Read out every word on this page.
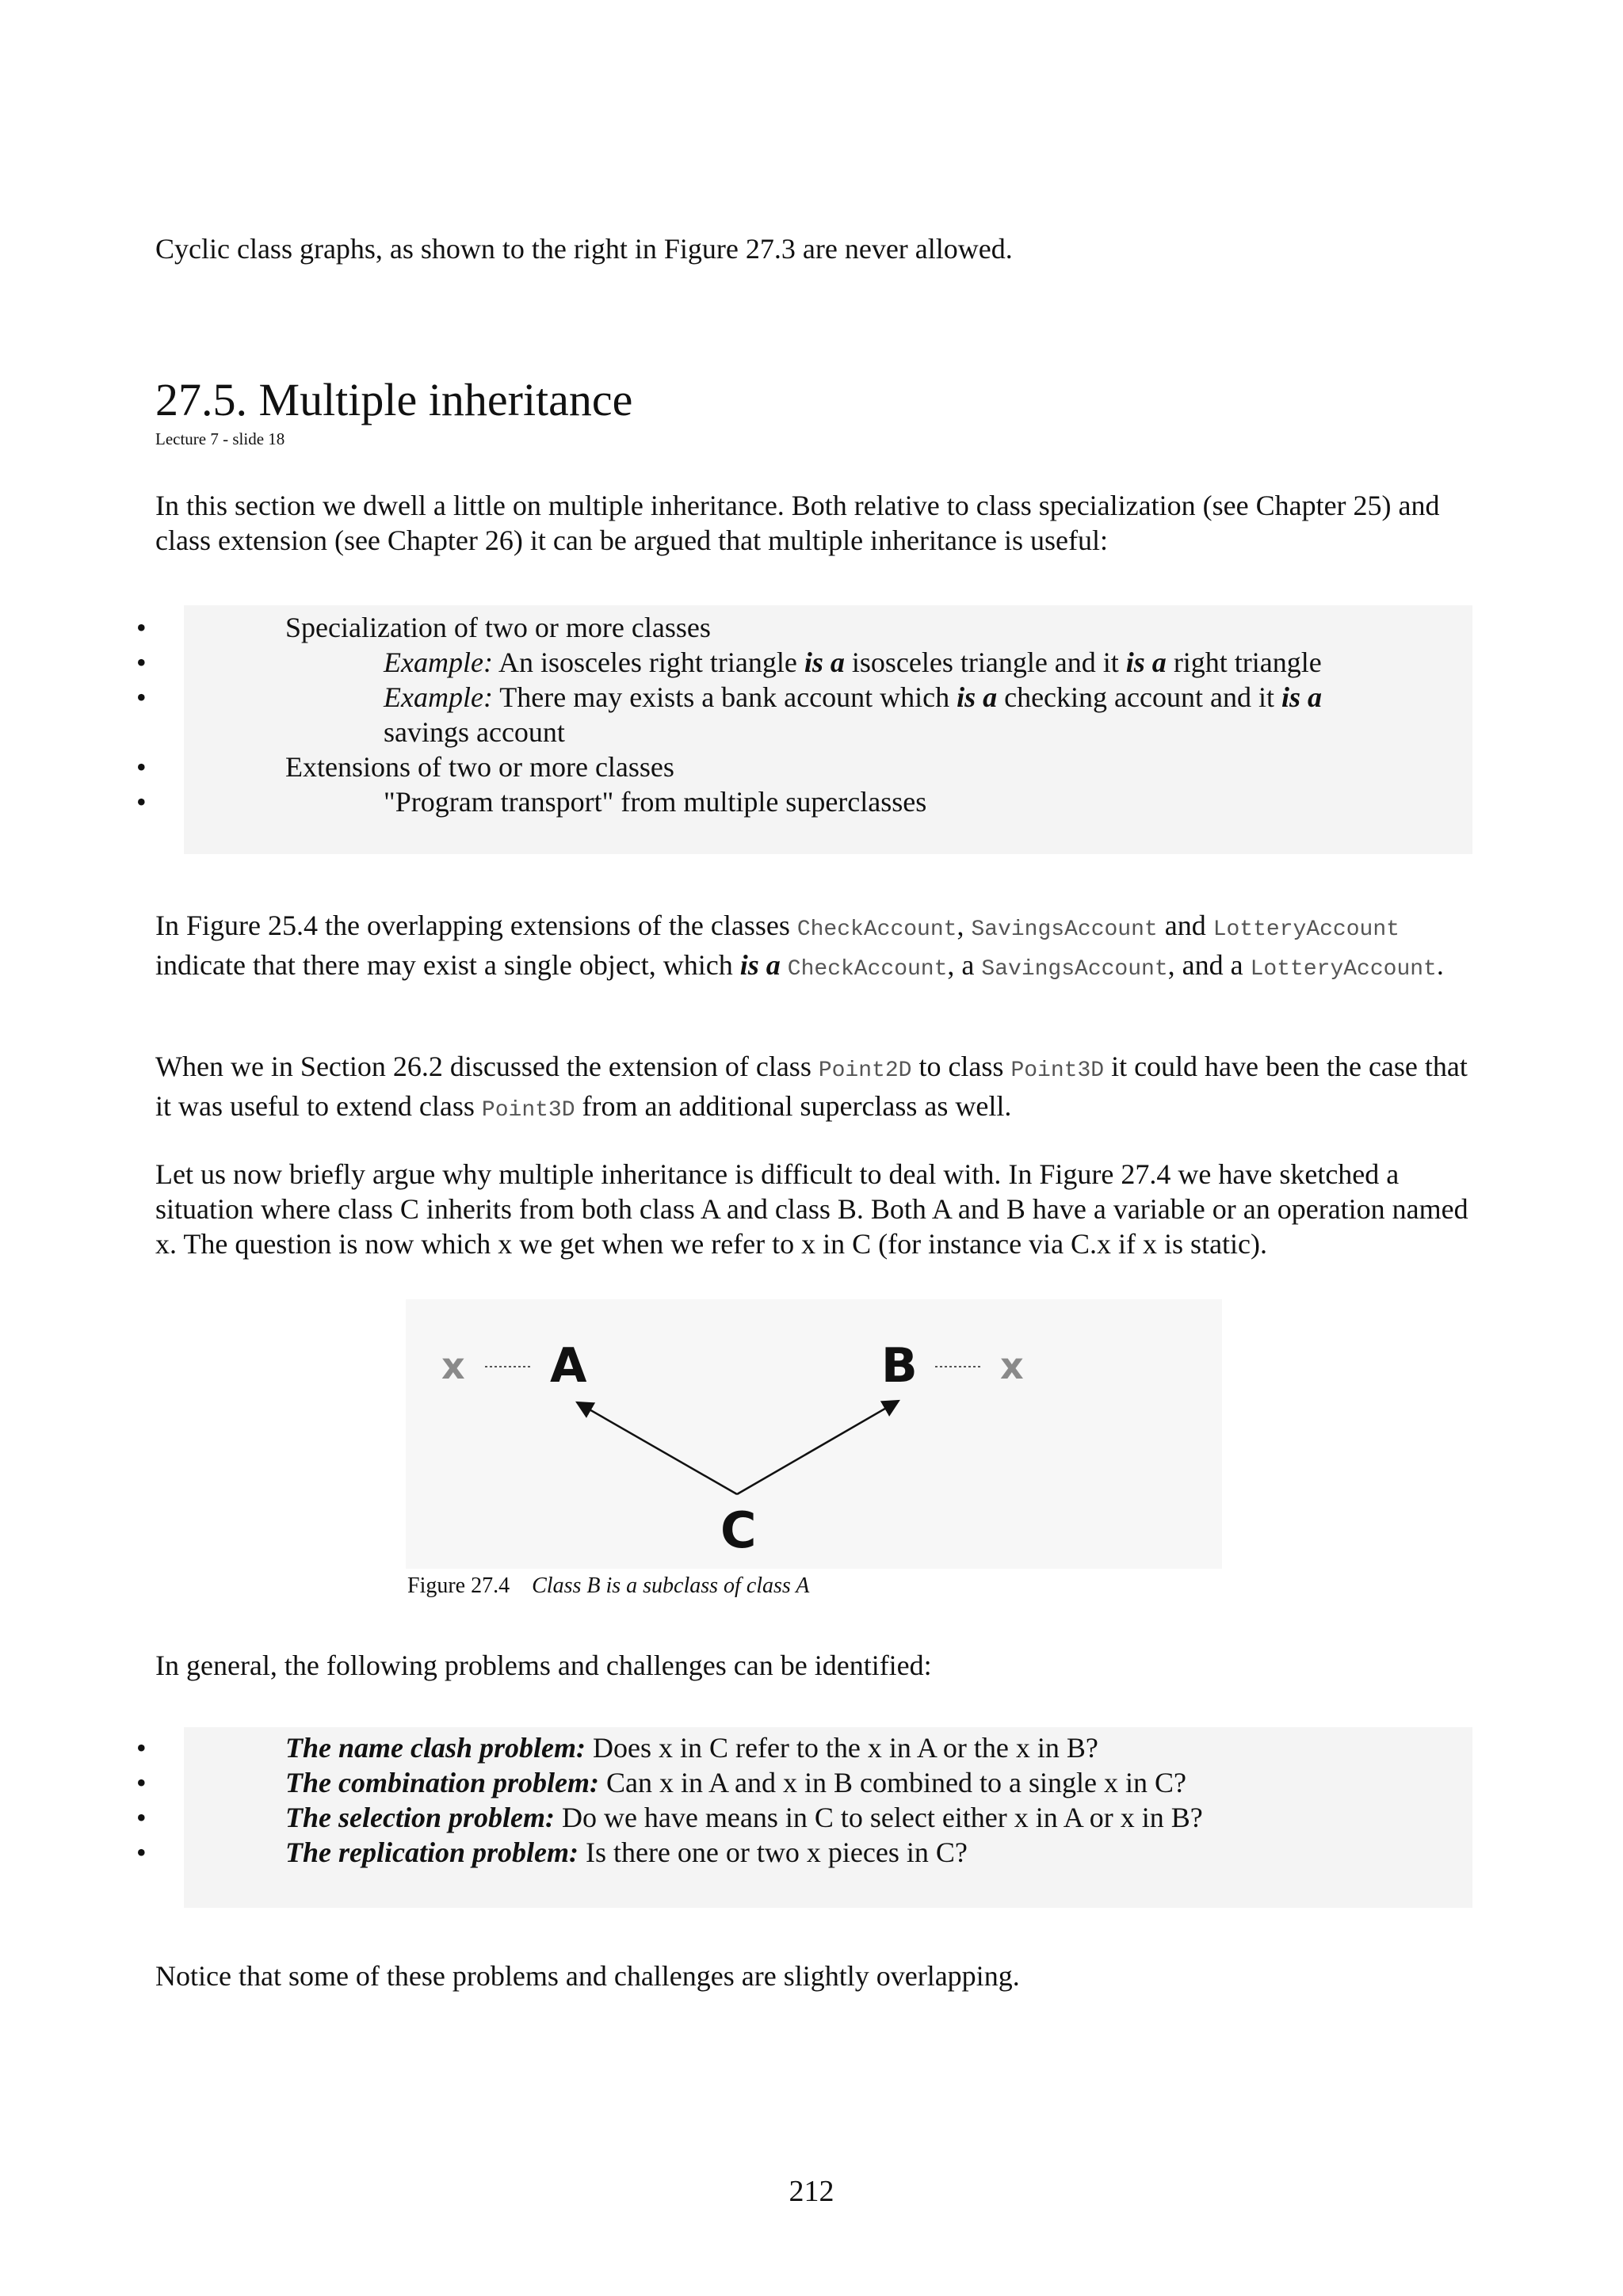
Cyclic class graphs, as shown to the right in Figure 27.3 are never allowed.

27.5. Multiple inheritance
Lecture 7 - slide 18

In this section we dwell a little on multiple inheritance. Both relative to class specialization (see Chapter 25) and class extension (see Chapter 26) it can be argued that multiple inheritance is useful:

Specialization of two or more classes
Example: An isosceles right triangle is a isosceles triangle and it is a right triangle
Example: There may exists a bank account which is a checking account and it is a savings account
Extensions of two or more classes
"Program transport" from multiple superclasses

In Figure 25.4 the overlapping extensions of the classes CheckAccount, SavingsAccount and LotteryAccount indicate that there may exist a single object, which is a CheckAccount, a SavingsAccount, and a LotteryAccount.

When we in Section 26.2 discussed the extension of class Point2D to class Point3D it could have been the case that it was useful to extend class Point3D from an additional superclass as well.

Let us now briefly argue why multiple inheritance is difficult to deal with. In Figure 27.4 we have sketched a situation where class C inherits from both class A and class B. Both A and B have a variable or an operation named x. The question is now which x we get when we refer to x in C (for instance via C.x if x is static).

x A	B x
C
Figure 27.4 Class B is a subclass of class A

In general, the following problems and challenges can be identified:

The name clash problem: Does x in C refer to the x in A or the x in B?
The combination problem: Can x in A and x in B combined to a single x in C?
The selection problem: Do we have means in C to select either x in A or x in B?
The replication problem: Is there one or two x pieces in C?

Notice that some of these problems and challenges are slightly overlapping.

212
